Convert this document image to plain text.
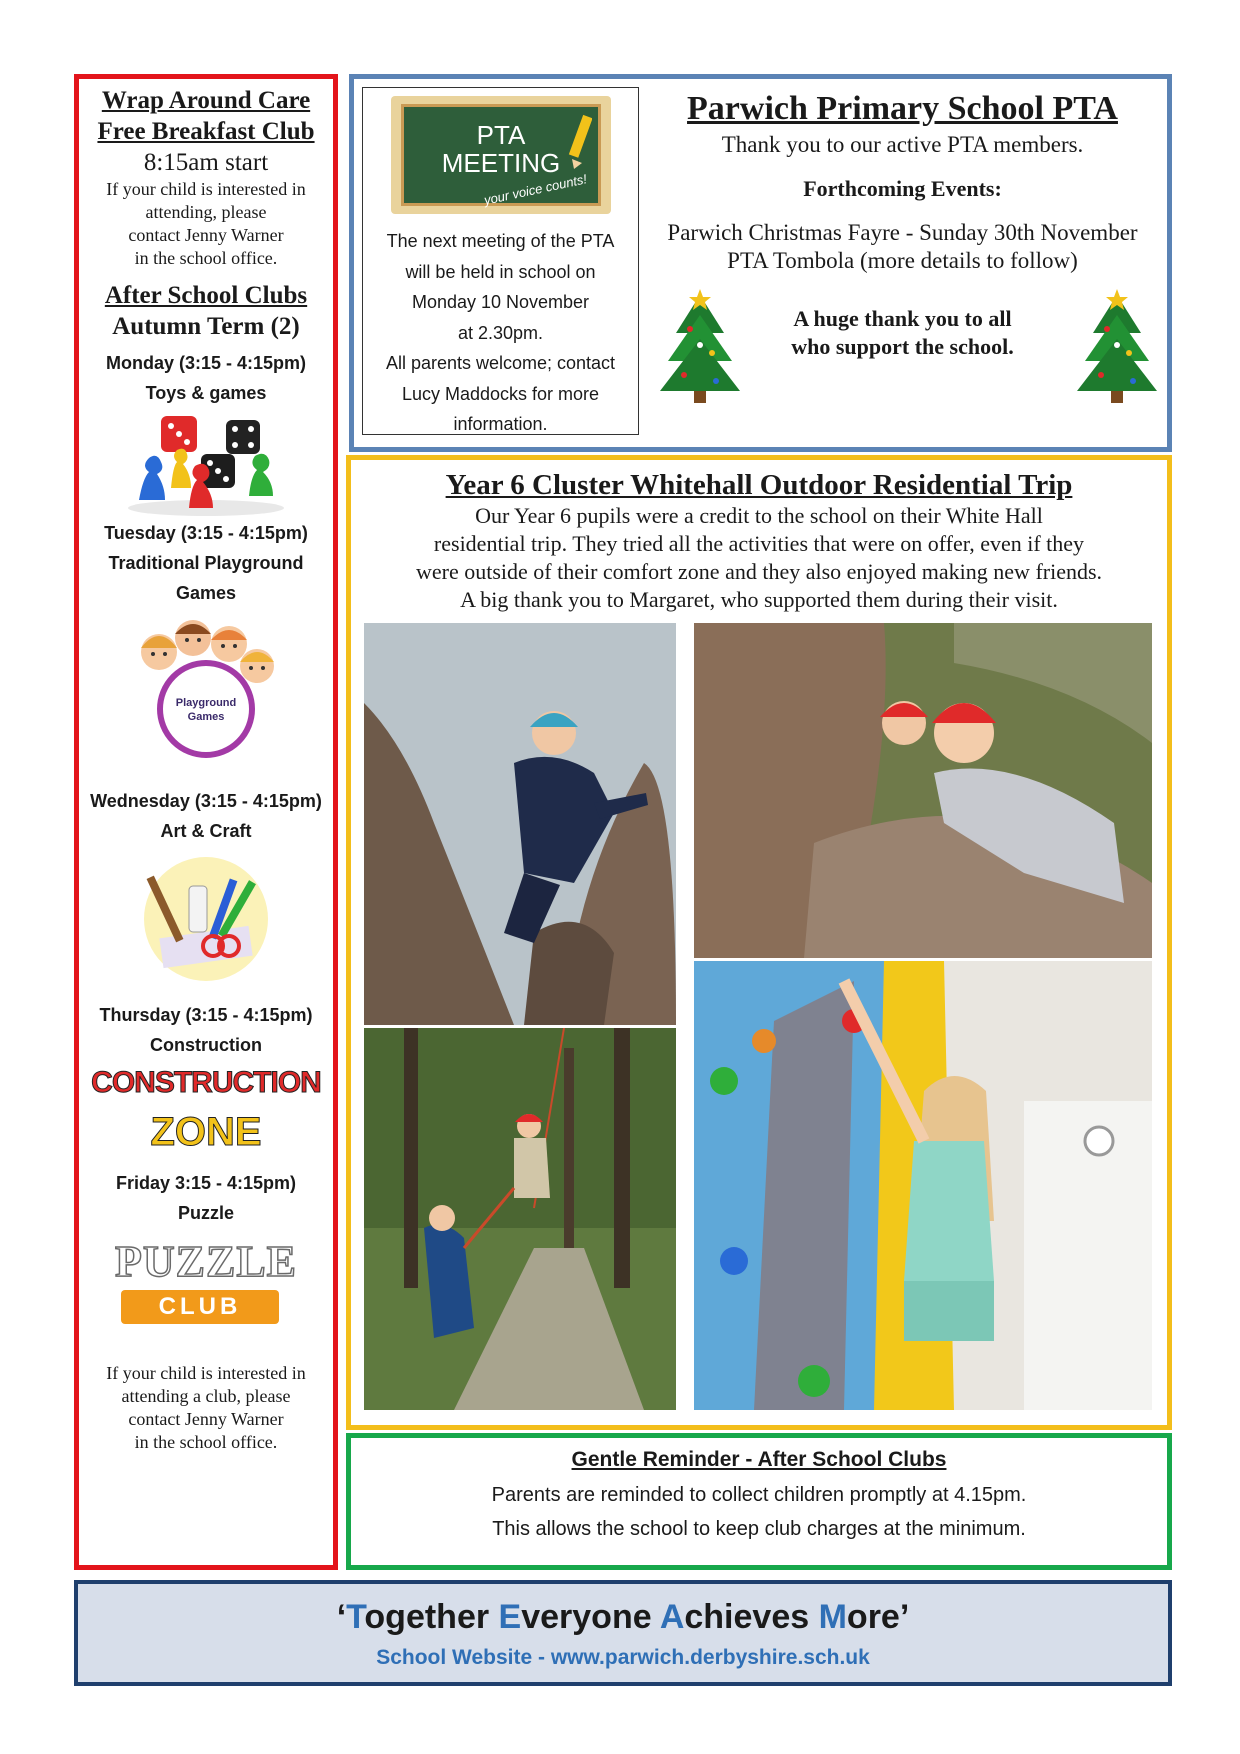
Wrap Around Care
Free Breakfast Club
8:15am start
If your child is interested in
attending, please
contact Jenny Warner
in the school office.
After School Clubs
Autumn Term (2)
Monday (3:15 - 4:15pm)
Toys & games
Tuesday (3:15 - 4:15pm)
Traditional Playground
Games
Playground Games
Wednesday (3:15 - 4:15pm)
Art & Craft
Thursday (3:15 - 4:15pm)
Construction
CONSTRUCTION
ZONE
Friday 3:15 - 4:15pm)
Puzzle
PUZZLE
CLUB
If your child is interested in
attending a club, please
contact Jenny Warner
in the school office.
PTA
MEETING
your voice counts!
The next meeting of the PTA
will be held in school on
Monday 10 November
at 2.30pm.
All parents welcome; contact
Lucy Maddocks for more
information.
Parwich Primary School PTA
Thank you to our active PTA members.
Forthcoming Events:
Parwich Christmas Fayre - Sunday 30th November
PTA Tombola (more details to follow)
A huge thank you to all
who support the school.
Year 6 Cluster Whitehall Outdoor Residential Trip
Our Year 6 pupils were a credit to the school on their White Hall
residential trip. They tried all the activities that were on offer, even if they
were outside of their comfort zone and they also enjoyed making new friends.
A big thank you to Margaret, who supported them during their visit.
Gentle Reminder - After School Clubs
Parents are reminded to collect children promptly at 4.15pm.
This allows the school to keep club charges at the minimum.
‘Together Everyone Achieves More’
School Website - www.parwich.derbyshire.sch.uk
